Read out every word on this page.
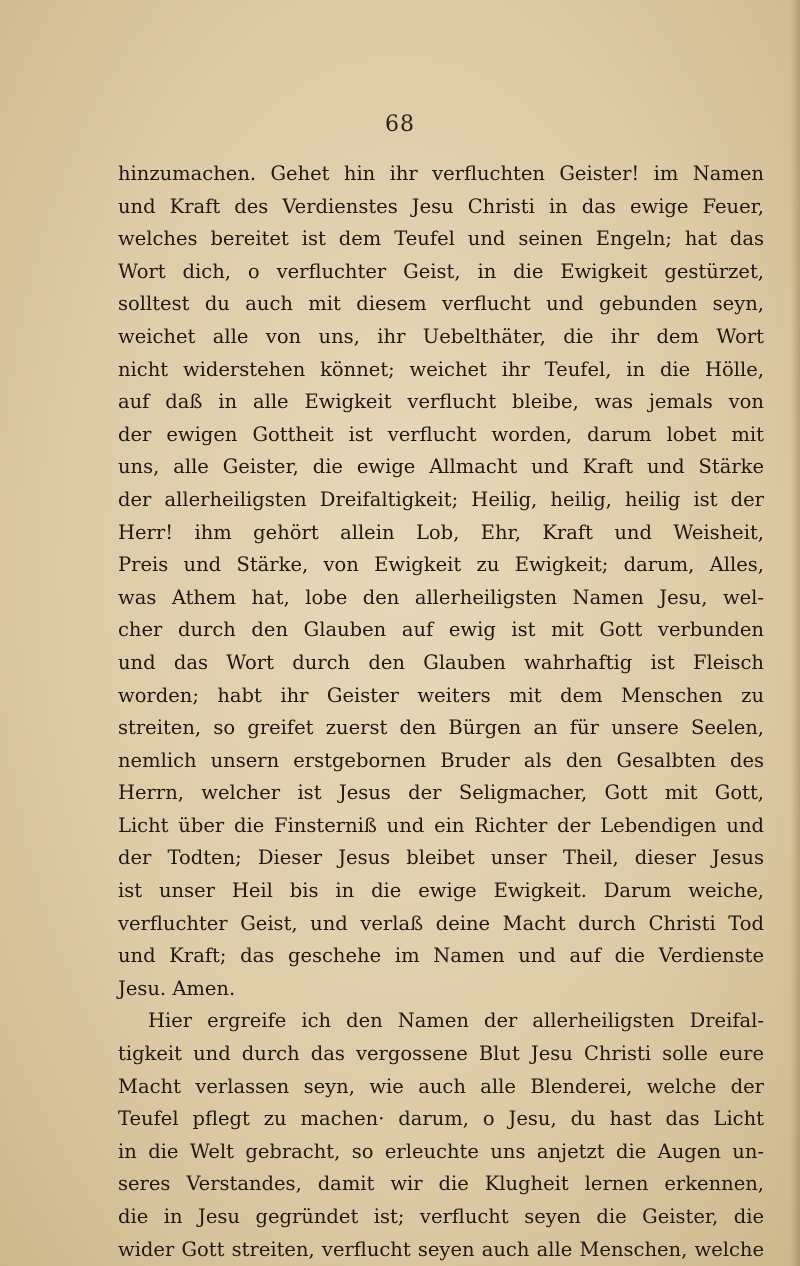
68
hinzumachen. Gehet hin ihr verfluchten Geister! im Namen
und Kraft des Verdienstes Jesu Christi in das ewige Feuer,
welches bereitet ist dem Teufel und seinen Engeln; hat das
Wort dich, o verfluchter Geist, in die Ewigkeit gestürzet,
solltest du auch mit diesem verflucht und gebunden seyn,
weichet alle von uns, ihr Uebelthäter, die ihr dem Wort
nicht widerstehen könnet; weichet ihr Teufel, in die Hölle,
auf daß in alle Ewigkeit verflucht bleibe, was jemals von
der ewigen Gottheit ist verflucht worden, darum lobet mit
uns, alle Geister, die ewige Allmacht und Kraft und Stärke
der allerheiligsten Dreifaltigkeit; Heilig, heilig, heilig ist der
Herr! ihm gehört allein Lob, Ehr, Kraft und Weisheit,
Preis und Stärke, von Ewigkeit zu Ewigkeit; darum, Alles,
was Athem hat, lobe den allerheiligsten Namen Jesu, wel-
cher durch den Glauben auf ewig ist mit Gott verbunden
und das Wort durch den Glauben wahrhaftig ist Fleisch
worden; habt ihr Geister weiters mit dem Menschen zu
streiten, so greifet zuerst den Bürgen an für unsere Seelen,
nemlich unsern erstgebornen Bruder als den Gesalbten des
Herrn, welcher ist Jesus der Seligmacher, Gott mit Gott,
Licht über die Finsterniß und ein Richter der Lebendigen und
der Todten; Dieser Jesus bleibet unser Theil, dieser Jesus
ist unser Heil bis in die ewige Ewigkeit. Darum weiche,
verfluchter Geist, und verlaß deine Macht durch Christi Tod
und Kraft; das geschehe im Namen und auf die Verdienste
Jesu. Amen.
Hier ergreife ich den Namen der allerheiligsten Dreifal-
tigkeit und durch das vergossene Blut Jesu Christi solle eure
Macht verlassen seyn, wie auch alle Blenderei, welche der
Teufel pflegt zu machen· darum, o Jesu, du hast das Licht
in die Welt gebracht, so erleuchte uns anjetzt die Augen un-
seres Verstandes, damit wir die Klugheit lernen erkennen,
die in Jesu gegründet ist; verflucht seyen die Geister, die
wider Gott streiten, verflucht seyen auch alle Menschen, welche
